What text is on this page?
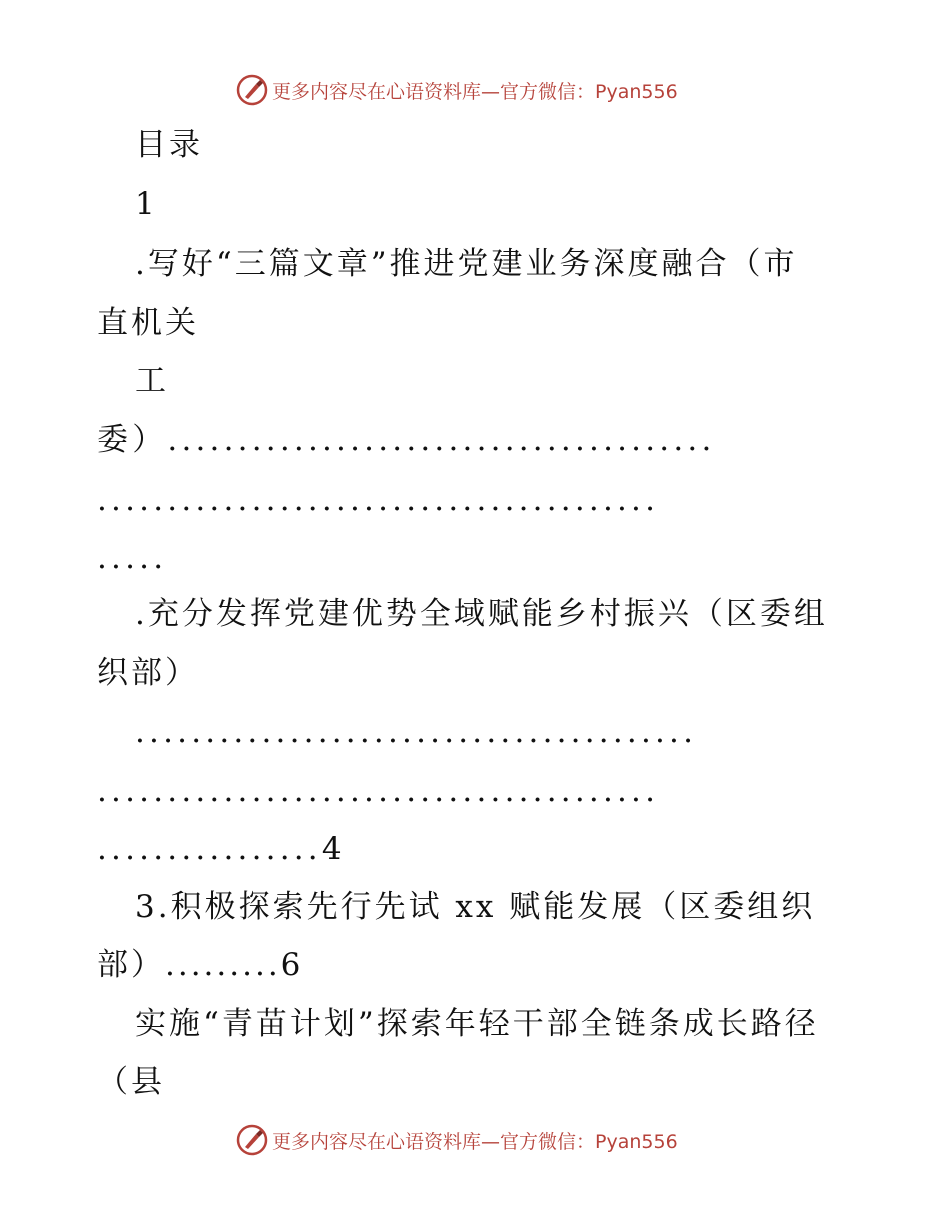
更多内容尽在心语资料库—官方微信：Pyan556
目录
1
.写好“三篇文章”推进党建业务深度融合（市
直机关
工
委）.......................................
........................................
.....
.充分发挥党建优势全域赋能乡村振兴（区委组
织部）
........................................
........................................
................4
3.积极探索先行先试 xx 赋能发展（区委组织
部）.........6
实施“青苗计划”探索年轻干部全链条成长路径
（县
更多内容尽在心语资料库—官方微信：Pyan556
